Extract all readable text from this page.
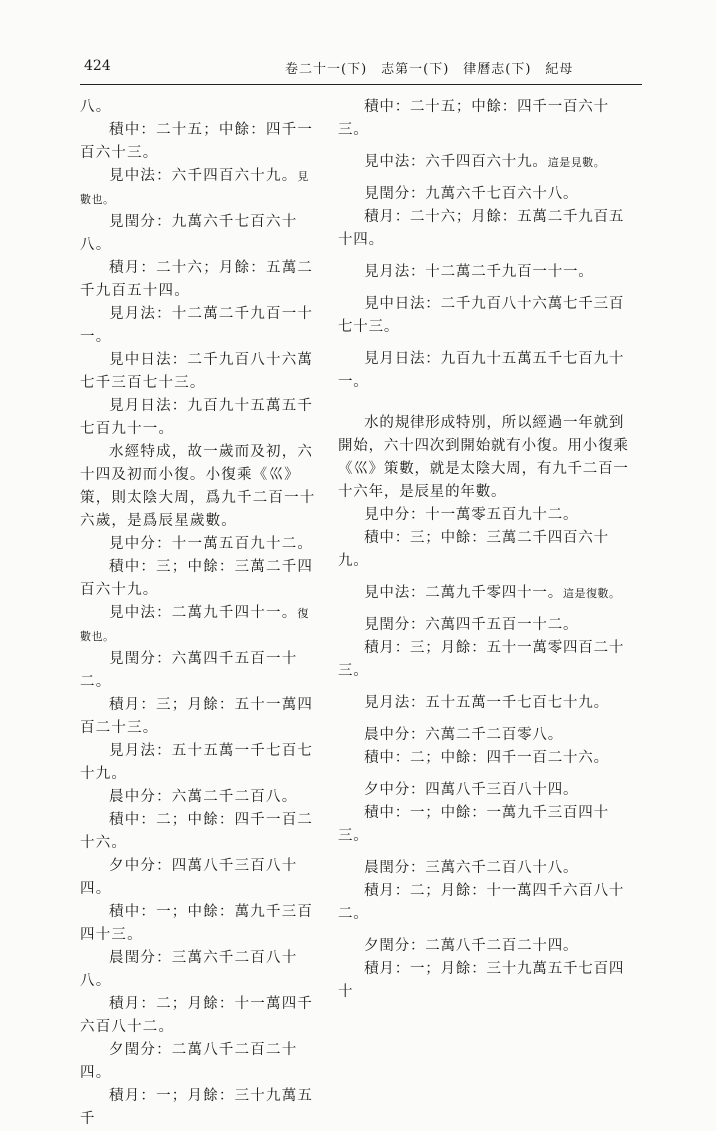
424	卷二十一(下)　志第一(下)　律曆志(下)　紀母

八。

積中：二十五；中餘：四千一百六十三。

見中法：六千四百六十九。見數也。

見閏分：九萬六千七百六十八。

積月：二十六；月餘：五萬二千九百五十四。

見月法：十二萬二千九百一十一。

見中日法：二千九百八十六萬七千三百七十三。

見月日法：九百九十五萬五千七百九十一。

水經特成，故一歲而及初，六十四及初而小復。小復乘《巛》策，則太陰大周，爲九千二百一十六歲，是爲辰星歲數。

見中分：十一萬五百九十二。

積中：三；中餘：三萬二千四百六十九。

見中法：二萬九千四十一。復數也。

見閏分：六萬四千五百一十二。

積月：三；月餘：五十一萬四百二十三。

見月法：五十五萬一千七百七十九。

晨中分：六萬二千二百八。

積中：二；中餘：四千一百二十六。

夕中分：四萬八千三百八十四。

積中：一；中餘：萬九千三百四十三。

晨閏分：三萬六千二百八十八。

積月：二；月餘：十一萬四千六百八十二。

夕閏分：二萬八千二百二十四。

積月：一；月餘：三十九萬五千

積中：二十五；中餘：四千一百六十三。

見中法：六千四百六十九。這是見數。

見閏分：九萬六千七百六十八。

積月：二十六；月餘：五萬二千九百五十四。

見月法：十二萬二千九百一十一。

見中日法：二千九百八十六萬七千三百七十三。

見月日法：九百九十五萬五千七百九十一。

水的規律形成特別，所以經過一年就到開始，六十四次到開始就有小復。用小復乘《巛》策數，就是太陰大周，有九千二百一十六年，是辰星的年數。

見中分：十一萬零五百九十二。

積中：三；中餘：三萬二千四百六十九。

見中法：二萬九千零四十一。這是復數。

見閏分：六萬四千五百一十二。

積月：三；月餘：五十一萬零四百二十三。

見月法：五十五萬一千七百七十九。

晨中分：六萬二千二百零八。

積中：二；中餘：四千一百二十六。

夕中分：四萬八千三百八十四。

積中：一；中餘：一萬九千三百四十三。

晨閏分：三萬六千二百八十八。

積月：二；月餘：十一萬四千六百八十二。

夕閏分：二萬八千二百二十四。

積月：一；月餘：三十九萬五千七百四十
